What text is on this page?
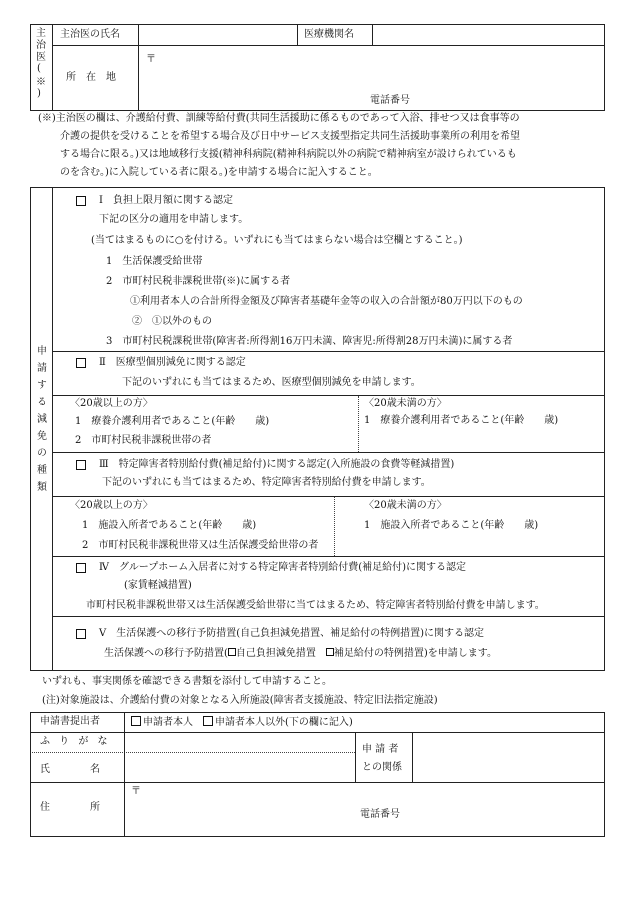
主治医(※) 主治医の氏名	医療機関名
所　在　地
〒
電話番号
(※)主治医の欄は、介護給付費、訓練等給付費(共同生活援助に係るものであって入浴、排せつ又は食事等の
介護の提供を受けることを希望する場合及び日中サービス支援型指定共同生活援助事業所の利用を希望
する場合に限る。)又は地域移行支援(精神科病院(精神科病院以外の病院で精神病室が設けられているも
のを含む。)に入院している者に限る。)を申請する場合に記入すること。
申請する減免の種類
Ⅰ　負担上限月額に関する認定
下記の区分の適用を申請します。
(当てはまるものに○を付ける。いずれにも当てはまらない場合は空欄とすること。)
1　生活保護受給世帯
2　市町村民税非課税世帯(※)に属する者
①利用者本人の合計所得金額及び障害者基礎年金等の収入の合計額が80万円以下のもの
②　①以外のもの
3　市町村民税課税世帯(障害者:所得割16万円未満、障害児:所得割28万円未満)に属する者
Ⅱ　医療型個別減免に関する認定
下記のいずれにも当てはまるため、医療型個別減免を申請します。
〈20歳以上の方〉
1　療養介護利用者であること(年齢　　歳)
2　市町村民税非課税世帯の者
〈20歳未満の方〉
1　療養介護利用者であること(年齢　　歳)
Ⅲ　特定障害者特別給付費(補足給付)に関する認定(入所施設の食費等軽減措置)
下記のいずれにも当てはまるため、特定障害者特別給付費を申請します。
〈20歳以上の方〉
1　施設入所者であること(年齢　　歳)
2　市町村民税非課税世帯又は生活保護受給世帯の者
〈20歳未満の方〉
1　施設入所者であること(年齢　　歳)
Ⅳ　グループホーム入居者に対する特定障害者特別給付費(補足給付)に関する認定
(家賃軽減措置)
市町村民税非課税世帯又は生活保護受給世帯に当てはまるため、特定障害者特別給付費を申請します。
Ⅴ　生活保護への移行予防措置(自己負担減免措置、補足給付の特例措置)に関する認定
生活保護への移行予防措置( 自己負担減免措置　 補足給付の特例措置)を申請します。
いずれも、事実関係を確認できる書類を添付して申請すること。
(注)対象施設は、介護給付費の対象となる入所施設(障害者支援施設、特定旧法指定施設)
申請書提出者	申請者本人　 申請者本人以外(下の欄に記入)
ふ り が な
氏　　　　名
申 請 者
との関係
住　　　　所
〒
電話番号
